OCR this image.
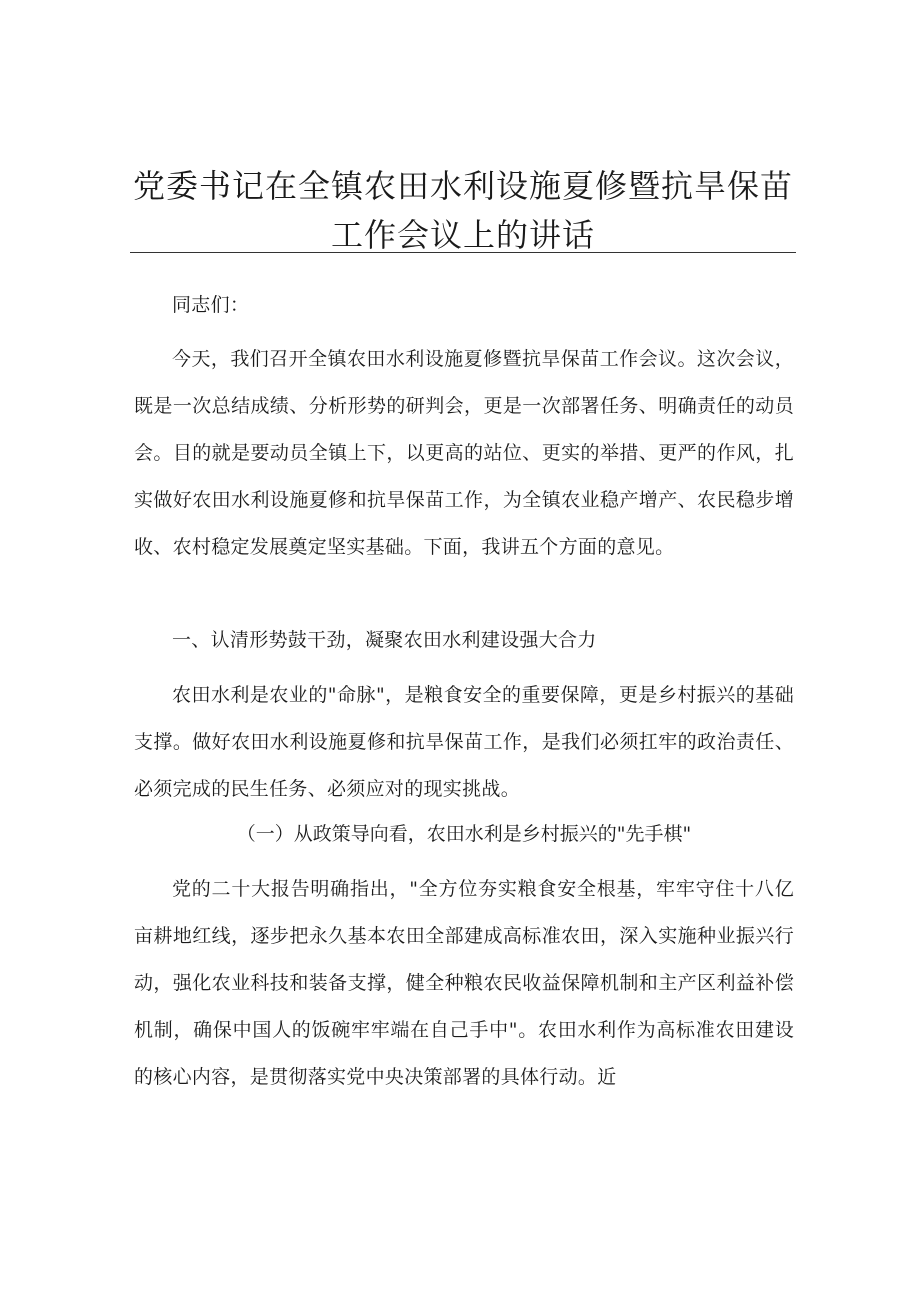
党委书记在全镇农田水利设施夏修暨抗旱保苗
工作会议上的讲话

同志们：

今天，我们召开全镇农田水利设施夏修暨抗旱保苗工作会议。这次会议，既是一次总结成绩、分析形势的研判会，更是一次部署任务、明确责任的动员会。目的就是要动员全镇上下，以更高的站位、更实的举措、更严的作风，扎实做好农田水利设施夏修和抗旱保苗工作，为全镇农业稳产增产、农民稳步增收、农村稳定发展奠定坚实基础。下面，我讲五个方面的意见。

一、认清形势鼓干劲，凝聚农田水利建设强大合力

农田水利是农业的"命脉"，是粮食安全的重要保障，更是乡村振兴的基础支撑。做好农田水利设施夏修和抗旱保苗工作，是我们必须扛牢的政治责任、必须完成的民生任务、必须应对的现实挑战。

（一）从政策导向看，农田水利是乡村振兴的"先手棋"

党的二十大报告明确指出，"全方位夯实粮食安全根基，牢牢守住十八亿亩耕地红线，逐步把永久基本农田全部建成高标准农田，深入实施种业振兴行动，强化农业科技和装备支撑，健全种粮农民收益保障机制和主产区利益补偿机制，确保中国人的饭碗牢牢端在自己手中"。农田水利作为高标准农田建设的核心内容，是贯彻落实党中央决策部署的具体行动。近
